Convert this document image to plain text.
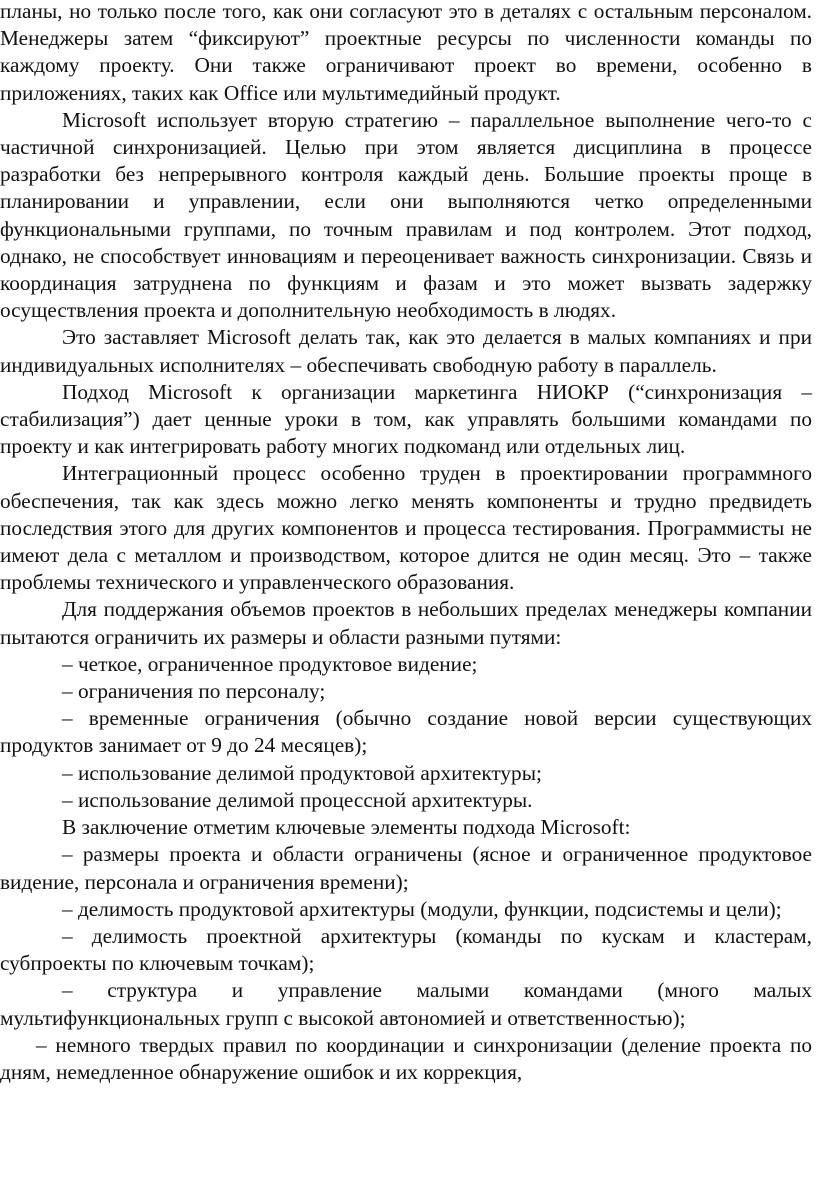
планы, но только после того, как они согласуют это в деталях с остальным персоналом. Менеджеры затем “фиксируют” проектные ресурсы по численности команды по каждому проекту. Они также ограничивают проект во времени, особенно в приложениях, таких как Office или мультимедийный продукт.

Microsoft использует вторую стратегию – параллельное выполнение чего-то с частичной синхронизацией. Целью при этом является дисциплина в процессе разработки без непрерывного контроля каждый день. Большие проекты проще в планировании и управлении, если они выполняются четко определенными функциональными группами, по точным правилам и под контролем. Этот подход, однако, не способствует инновациям и переоценивает важность синхронизации. Связь и координация затруднена по функциям и фазам и это может вызвать задержку осуществления проекта и дополнительную необходимость в людях.

Это заставляет Microsoft делать так, как это делается в малых компаниях и при индивидуальных исполнителях – обеспечивать свободную работу в параллель.

Подход Microsoft к организации маркетинга НИОКР (“синхронизация – стабилизация”) дает ценные уроки в том, как управлять большими командами по проекту и как интегрировать работу многих подкоманд или отдельных лиц.

Интеграционный процесс особенно труден в проектировании программного обеспечения, так как здесь можно легко менять компоненты и трудно предвидеть последствия этого для других компонентов и процесса тестирования. Программисты не имеют дела с металлом и производством, которое длится не один месяц. Это – также проблемы технического и управленческого образования.

Для поддержания объемов проектов в небольших пределах менеджеры компании пытаются ограничить их размеры и области разными путями:

– четкое, ограниченное продуктовое видение;

– ограничения по персоналу;

– временные ограничения (обычно создание новой версии существующих продуктов занимает от 9 до 24 месяцев);

– использование делимой продуктовой архитектуры;

– использование делимой процессной архитектуры.

В заключение отметим ключевые элементы подхода Microsoft:

– размеры проекта и области ограничены (ясное и ограниченное продуктовое видение, персонала и ограничения времени);

– делимость продуктовой архитектуры (модули, функции, подсистемы и цели);

– делимость проектной архитектуры (команды по кускам и кластерам, субпроекты по ключевым точкам);

– структура и управление малыми командами (много малых мультифункциональных групп с высокой автономией и ответственностью);

– немного твердых правил по координации и синхронизации (деление проекта по дням, немедленное обнаружение ошибок и их коррекция,
